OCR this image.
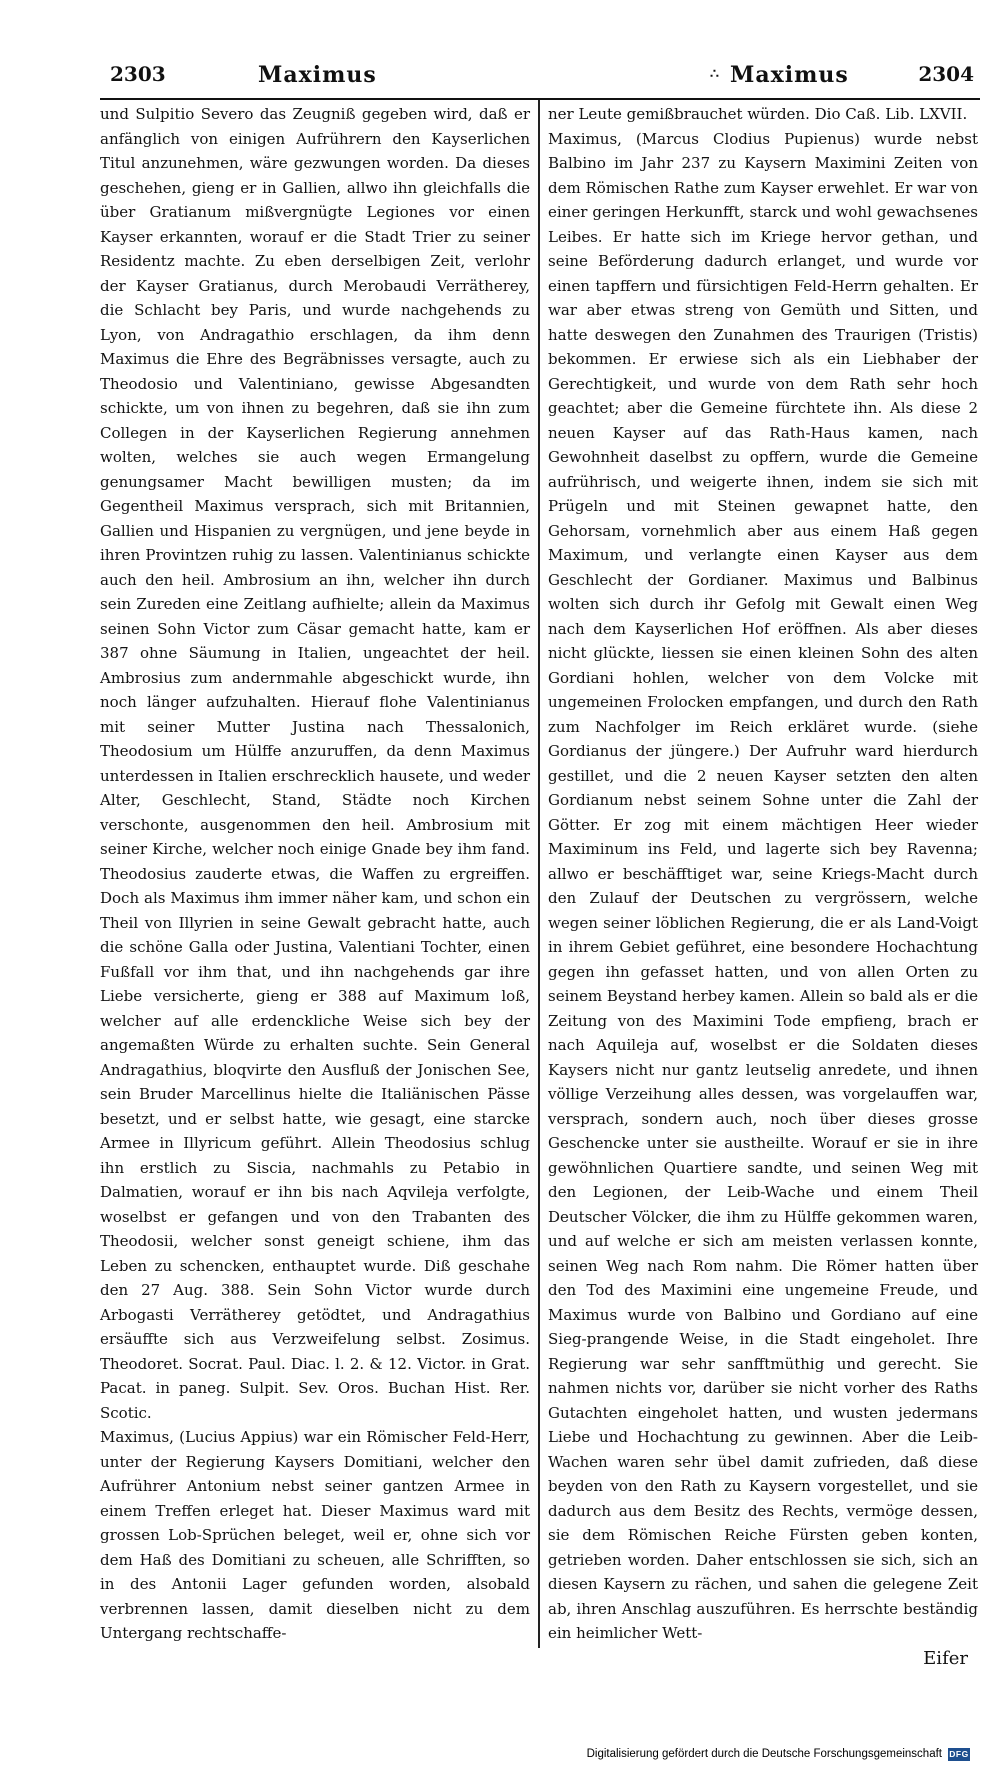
2303	Maximus	∴ Maximus	2304

und Sulpitio Severo das Zeugniß gegeben wird, daß er anfänglich von einigen Aufrührern den Kayserlichen Titul anzunehmen, wäre gezwungen worden. Da dieses geschehen, gieng er in Gallien, allwo ihn gleichfalls die über Gratianum mißvergnügte Legiones vor einen Kayser erkannten, worauf er die Stadt Trier zu seiner Residentz machte. Zu eben derselbigen Zeit, verlohr der Kayser Gratianus, durch Merobaudi Verrätherey, die Schlacht bey Paris, und wurde nachgehends zu Lyon, von Andragathio erschlagen, da ihm denn Maximus die Ehre des Begräbnisses versagte, auch zu Theodosio und Valentiniano, gewisse Abgesandten schickte, um von ihnen zu begehren, daß sie ihn zum Collegen in der Kayserlichen Regierung annehmen wolten, welches sie auch wegen Ermangelung genungsamer Macht bewilligen musten; da im Gegentheil Maximus versprach, sich mit Britannien, Gallien und Hispanien zu vergnügen, und jene beyde in ihren Provintzen ruhig zu lassen. Valentinianus schickte auch den heil. Ambrosium an ihn, welcher ihn durch sein Zureden eine Zeitlang aufhielte; allein da Maximus seinen Sohn Victor zum Cäsar gemacht hatte, kam er 387 ohne Säumung in Italien, ungeachtet der heil. Ambrosius zum andernmahle abgeschickt wurde, ihn noch länger aufzuhalten. Hierauf flohe Valentinianus mit seiner Mutter Justina nach Thessalonich, Theodosium um Hülffe anzuruffen, da denn Maximus unterdessen in Italien erschrecklich hausete, und weder Alter, Geschlecht, Stand, Städte noch Kirchen verschonte, ausgenommen den heil. Ambrosium mit seiner Kirche, welcher noch einige Gnade bey ihm fand. Theodosius zauderte etwas, die Waffen zu ergreiffen. Doch als Maximus ihm immer näher kam, und schon ein Theil von Illyrien in seine Gewalt gebracht hatte, auch die schöne Galla oder Justina, Valentiani Tochter, einen Fußfall vor ihm that, und ihn nachgehends gar ihre Liebe versicherte, gieng er 388 auf Maximum loß, welcher auf alle erdenckliche Weise sich bey der angemaßten Würde zu erhalten suchte. Sein General Andragathius, bloqvirte den Ausfluß der Jonischen See, sein Bruder Marcellinus hielte die Italiänischen Pässe besetzt, und er selbst hatte, wie gesagt, eine starcke Armee in Illyricum geführt. Allein Theodosius schlug ihn erstlich zu Siscia, nachmahls zu Petabio in Dalmatien, worauf er ihn bis nach Aqvileja verfolgte, woselbst er gefangen und von den Trabanten des Theodosii, welcher sonst geneigt schiene, ihm das Leben zu schencken, enthauptet wurde. Diß geschahe den 27 Aug. 388. Sein Sohn Victor wurde durch Arbogasti Verrätherey getödtet, und Andragathius ersäuffte sich aus Verzweifelung selbst. Zosimus. Theodoret. Socrat. Paul. Diac. l. 2. & 12. Victor. in Grat. Pacat. in paneg. Sulpit. Sev. Oros. Buchan Hist. Rer. Scotic.

Maximus, (Lucius Appius) war ein Römischer Feld-Herr, unter der Regierung Kaysers Domitiani, welcher den Aufrührer Antonium nebst seiner gantzen Armee in einem Treffen erleget hat. Dieser Maximus ward mit grossen Lob-Sprüchen beleget, weil er, ohne sich vor dem Haß des Domitiani zu scheuen, alle Schrifften, so in des Antonii Lager gefunden worden, alsobald verbrennen lassen, damit dieselben nicht zu dem Untergang rechtschaffe-

ner Leute gemißbrauchet würden. Dio Caß. Lib. LXVII.

Maximus, (Marcus Clodius Pupienus) wurde nebst Balbino im Jahr 237 zu Kaysern Maximini Zeiten von dem Römischen Rathe zum Kayser erwehlet. Er war von einer geringen Herkunfft, starck und wohl gewachsenes Leibes. Er hatte sich im Kriege hervor gethan, und seine Beförderung dadurch erlanget, und wurde vor einen tapffern und fürsichtigen Feld-Herrn gehalten. Er war aber etwas streng von Gemüth und Sitten, und hatte deswegen den Zunahmen des Traurigen (Tristis) bekommen. Er erwiese sich als ein Liebhaber der Gerechtigkeit, und wurde von dem Rath sehr hoch geachtet; aber die Gemeine fürchtete ihn. Als diese 2 neuen Kayser auf das Rath-Haus kamen, nach Gewohnheit daselbst zu opffern, wurde die Gemeine aufrührisch, und weigerte ihnen, indem sie sich mit Prügeln und mit Steinen gewapnet hatte, den Gehorsam, vornehmlich aber aus einem Haß gegen Maximum, und verlangte einen Kayser aus dem Geschlecht der Gordianer. Maximus und Balbinus wolten sich durch ihr Gefolg mit Gewalt einen Weg nach dem Kayserlichen Hof eröffnen. Als aber dieses nicht glückte, liessen sie einen kleinen Sohn des alten Gordiani hohlen, welcher von dem Volcke mit ungemeinen Frolocken empfangen, und durch den Rath zum Nachfolger im Reich erkläret wurde. (siehe Gordianus der jüngere.) Der Aufruhr ward hierdurch gestillet, und die 2 neuen Kayser setzten den alten Gordianum nebst seinem Sohne unter die Zahl der Götter. Er zog mit einem mächtigen Heer wieder Maximinum ins Feld, und lagerte sich bey Ravenna; allwo er beschäfftiget war, seine Kriegs-Macht durch den Zulauf der Deutschen zu vergrössern, welche wegen seiner löblichen Regierung, die er als Land-Voigt in ihrem Gebiet geführet, eine besondere Hochachtung gegen ihn gefasset hatten, und von allen Orten zu seinem Beystand herbey kamen. Allein so bald als er die Zeitung von des Maximini Tode empfieng, brach er nach Aquileja auf, woselbst er die Soldaten dieses Kaysers nicht nur gantz leutselig anredete, und ihnen völlige Verzeihung alles dessen, was vorgelauffen war, versprach, sondern auch, noch über dieses grosse Geschencke unter sie austheilte. Worauf er sie in ihre gewöhnlichen Quartiere sandte, und seinen Weg mit den Legionen, der Leib-Wache und einem Theil Deutscher Völcker, die ihm zu Hülffe gekommen waren, und auf welche er sich am meisten verlassen konnte, seinen Weg nach Rom nahm. Die Römer hatten über den Tod des Maximini eine ungemeine Freude, und Maximus wurde von Balbino und Gordiano auf eine Sieg-prangende Weise, in die Stadt eingeholet. Ihre Regierung war sehr sanfftmüthig und gerecht. Sie nahmen nichts vor, darüber sie nicht vorher des Raths Gutachten eingeholet hatten, und wusten jedermans Liebe und Hochachtung zu gewinnen. Aber die Leib-Wachen waren sehr übel damit zufrieden, daß diese beyden von den Rath zu Kaysern vorgestellet, und sie dadurch aus dem Besitz des Rechts, vermöge dessen, sie dem Römischen Reiche Fürsten geben konten, getrieben worden. Daher entschlossen sie sich, sich an diesen Kaysern zu rächen, und sahen die gelegene Zeit ab, ihren Anschlag auszuführen. Es herrschte beständig ein heimlicher Wett-

Eifer
Digitalisierung gefördert durch die Deutsche Forschungsgemeinschaft DFG
